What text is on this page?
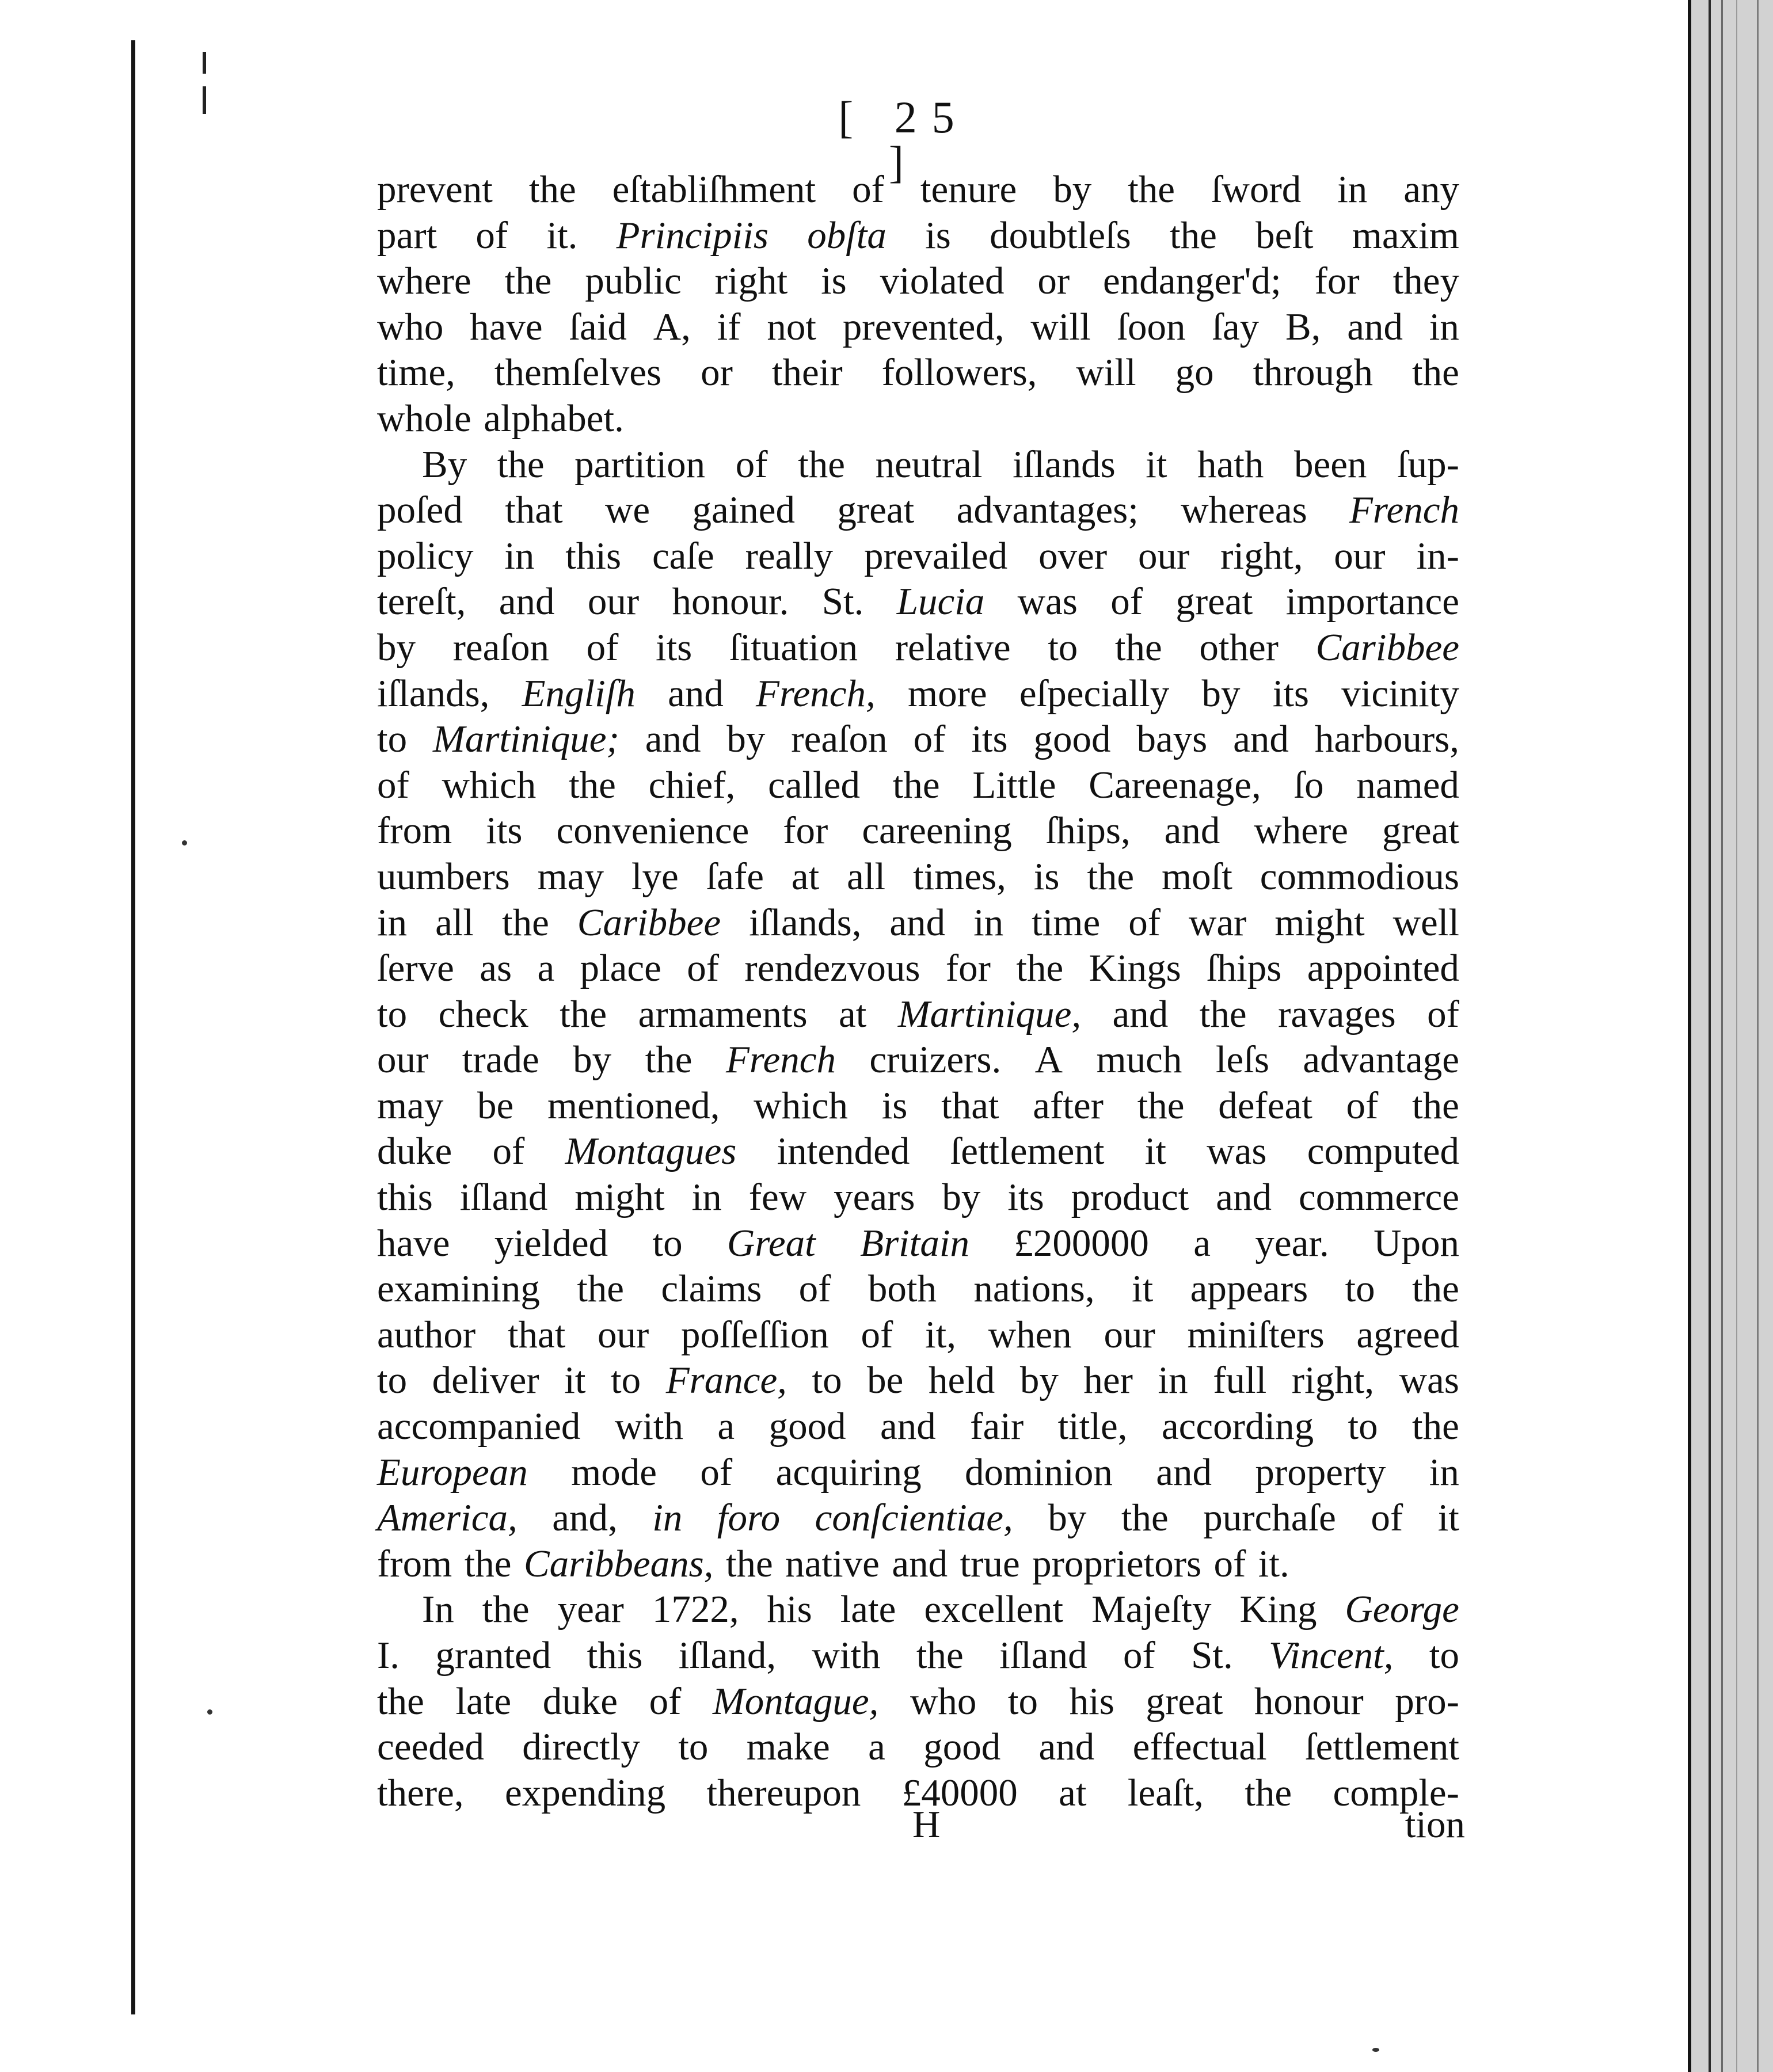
[ 25 ]
prevent the eſtabliſhment of tenure by the ſword in any
part of it. Principiis obſta is doubtleſs the beſt maxim
where the public right is violated or endanger'd; for they
who have ſaid A, if not prevented, will ſoon ſay B, and in
time, themſelves or their followers, will go through the
whole alphabet.
By the partition of the neutral iſlands it hath been ſup-
poſed that we gained great advantages; whereas French
policy in this caſe really prevailed over our right, our in-
tereſt, and our honour. St. Lucia was of great importance
by reaſon of its ſituation relative to the other Caribbee
iſlands, Engliſh and French, more eſpecially by its vicinity
to Martinique; and by reaſon of its good bays and harbours,
of which the chief, called the Little Careenage, ſo named
from its convenience for careening ſhips, and where great
uumbers may lye ſafe at all times, is the moſt commodious
in all the Caribbee iſlands, and in time of war might well
ſerve as a place of rendezvous for the Kings ſhips appointed
to check the armaments at Martinique, and the ravages of
our trade by the French cruizers. A much leſs advantage
may be mentioned, which is that after the defeat of the
duke of Montagues intended ſettlement it was computed
this iſland might in few years by its product and commerce
have yielded to Great Britain £200000 a year. Upon
examining the claims of both nations, it appears to the
author that our poſſeſſion of it, when our miniſters agreed
to deliver it to France, to be held by her in full right, was
accompanied with a good and fair title, according to the
European mode of acquiring dominion and property in
America, and, in foro conſcientiae, by the purchaſe of it
from the Caribbeans, the native and true proprietors of it.
In the year 1722, his late excellent Majeſty King George
I. granted this iſland, with the iſland of St. Vincent, to
the late duke of Montague, who to his great honour pro-
ceeded directly to make a good and effectual ſettlement
there, expending thereupon £40000 at leaſt, the comple-
H	tion
